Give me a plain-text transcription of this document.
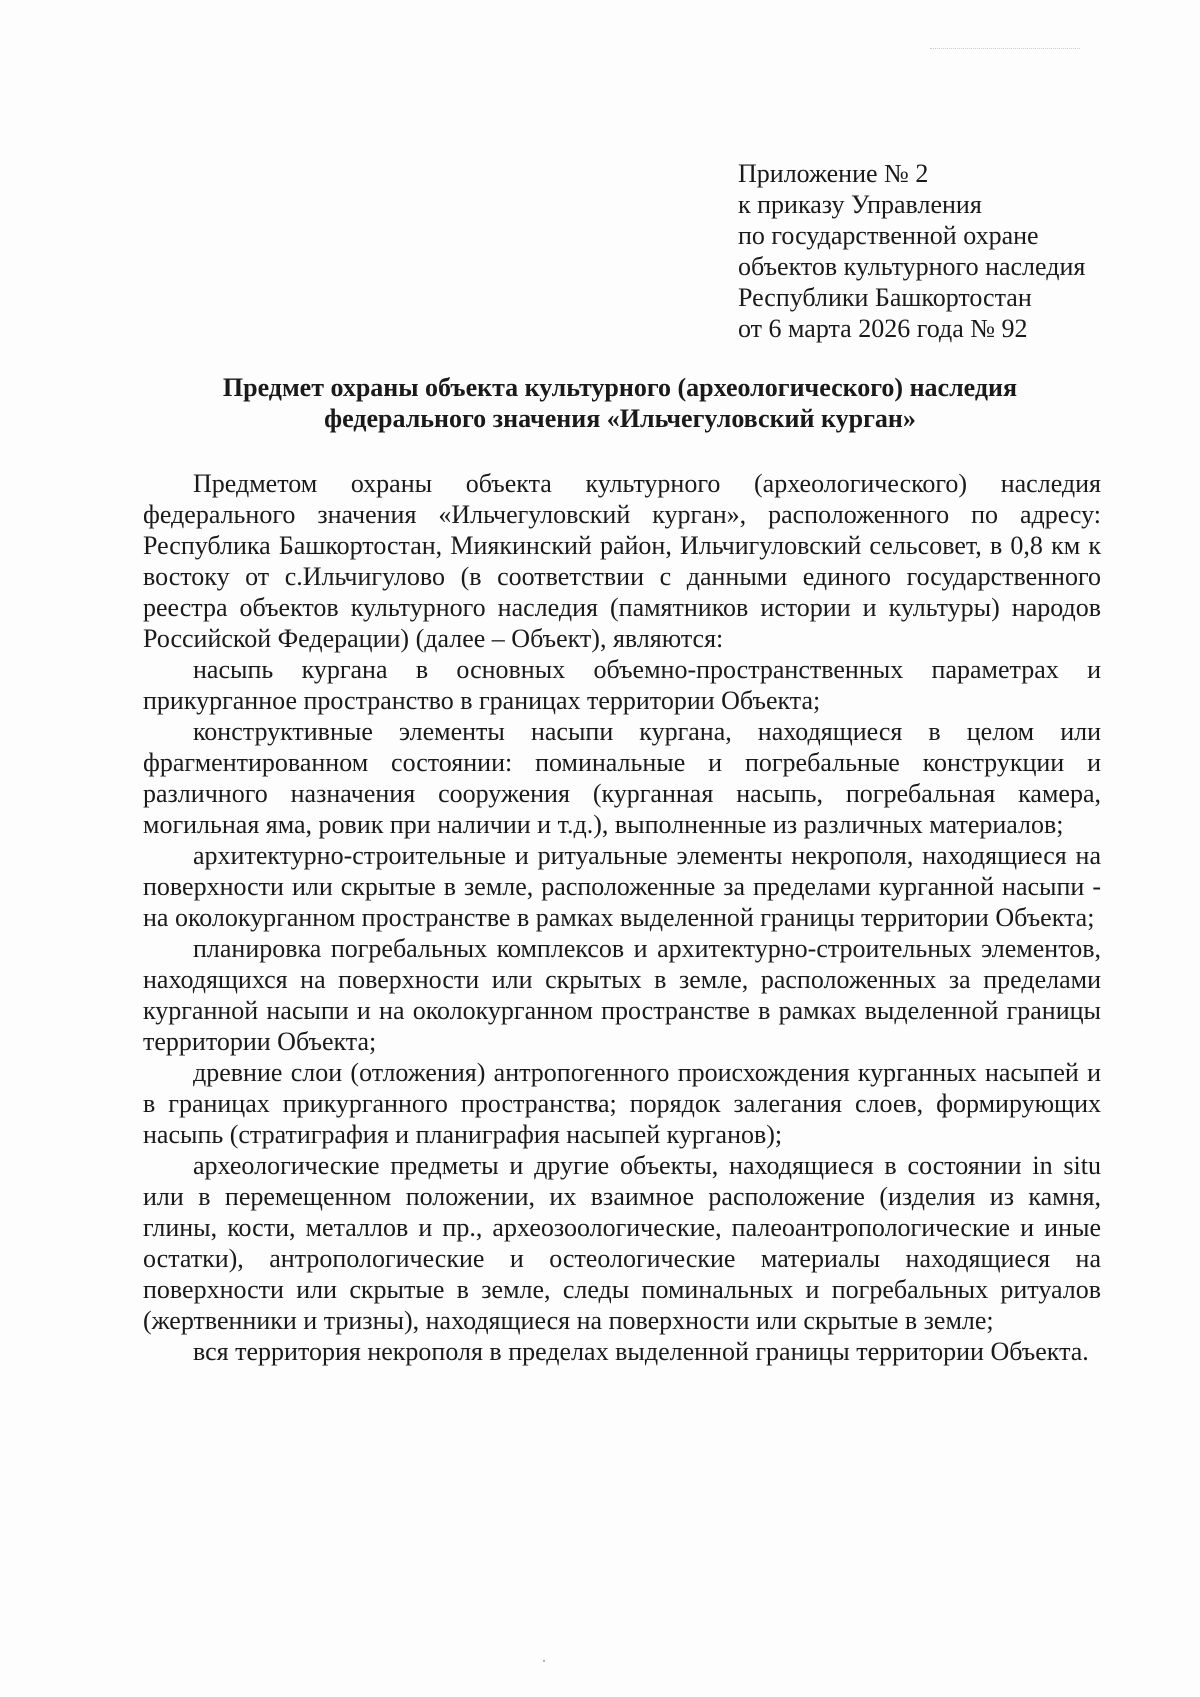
Приложение № 2
к приказу Управления
по государственной охране
объектов культурного наследия
Республики Башкортостан
от 6 марта 2026 года № 92
Предмет охраны объекта культурного (археологического) наследия
федерального значения «Ильчегуловский курган»

Предметом охраны объекта культурного (археологического) наследия федерального значения «Ильчегуловский курган», расположенного по адресу: Республика Башкортостан, Миякинский район, Ильчигуловский сельсовет, в 0,8 км к востоку от с.Ильчигулово (в соответствии с данными единого государственного реестра объектов культурного наследия (памятников истории и культуры) народов Российской Федерации) (далее – Объект), являются:

насыпь кургана в основных объемно-пространственных параметрах и прикурганное пространство в границах территории Объекта;

конструктивные элементы насыпи кургана, находящиеся в целом или фрагментированном состоянии: поминальные и погребальные конструкции и различного назначения сооружения (курганная насыпь, погребальная камера, могильная яма, ровик при наличии и т.д.), выполненные из различных материалов;

архитектурно-строительные и ритуальные элементы некрополя, находящиеся на поверхности или скрытые в земле, расположенные за пределами курганной насыпи - на околокурганном пространстве в рамках выделенной границы территории Объекта;

планировка погребальных комплексов и архитектурно-строительных элементов, находящихся на поверхности или скрытых в земле, расположенных за пределами курганной насыпи и на околокурганном пространстве в рамках выделенной границы территории Объекта;

древние слои (отложения) антропогенного происхождения курганных насыпей и в границах прикурганного пространства; порядок залегания слоев, формирующих насыпь (стратиграфия и планиграфия насыпей курганов);

археологические предметы и другие объекты, находящиеся в состоянии in situ или в перемещенном положении, их взаимное расположение (изделия из камня, глины, кости, металлов и пр., археозоологические, палеоантропологические и иные остатки), антропологические и остеологические материалы находящиеся на поверхности или скрытые в земле, следы поминальных и погребальных ритуалов (жертвенники и тризны), находящиеся на поверхности или скрытые в земле;

вся территория некрополя в пределах выделенной границы территории Объекта.
